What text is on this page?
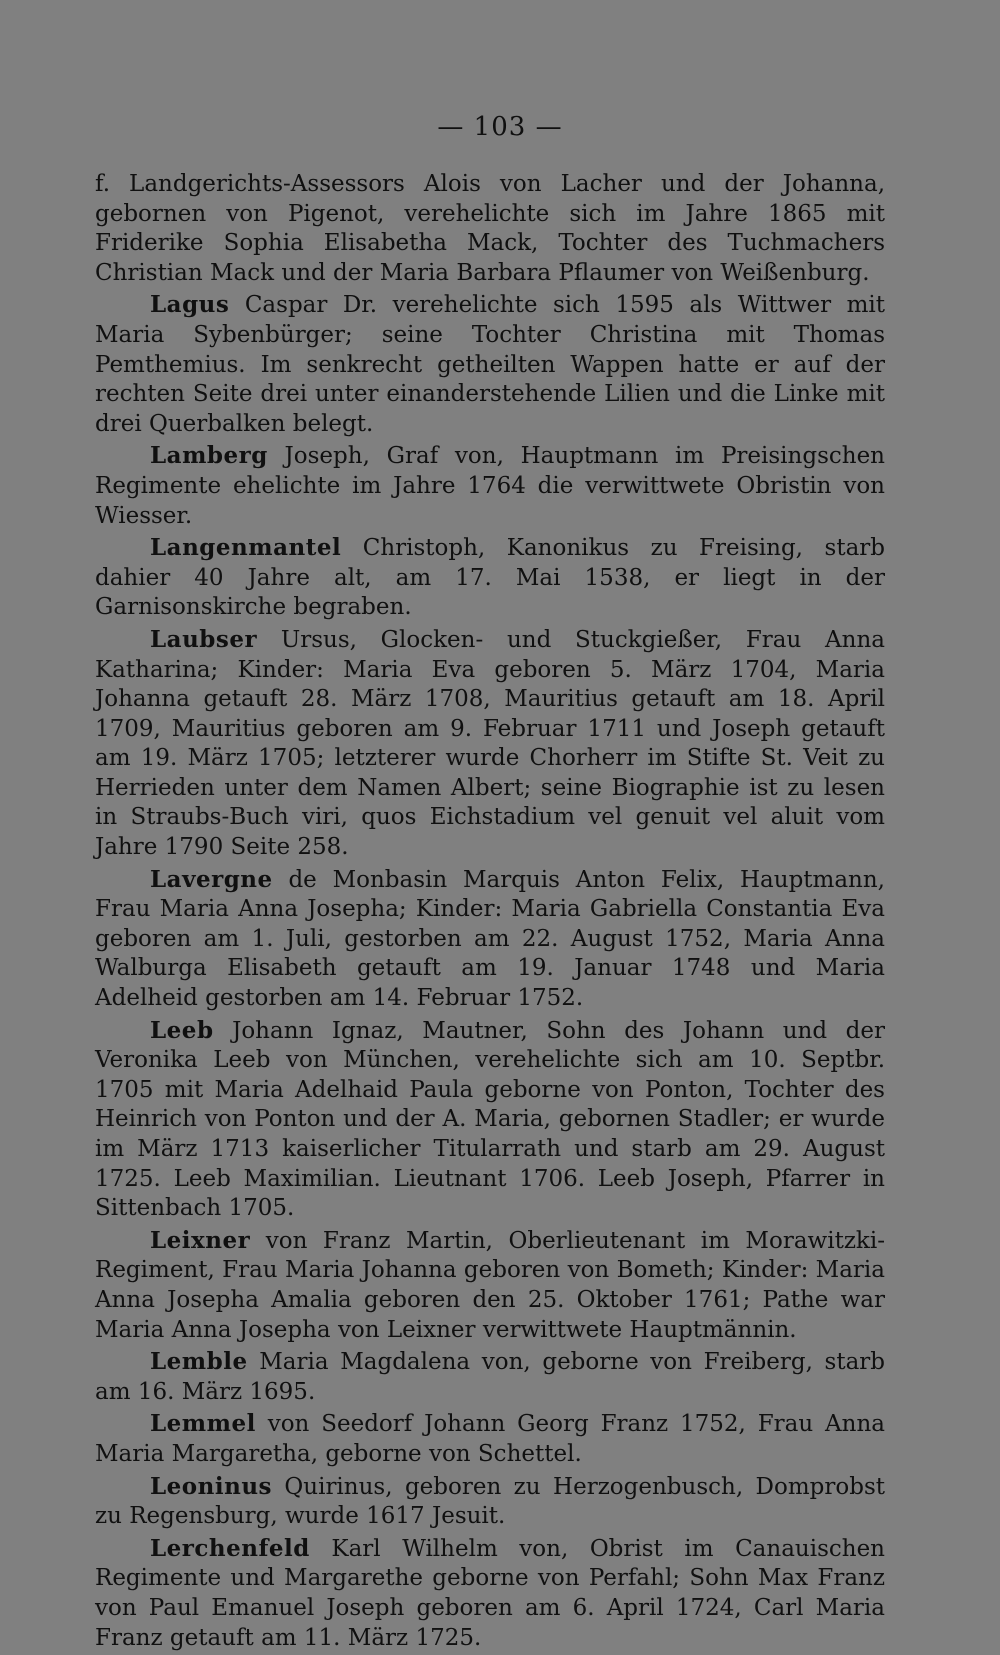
— 103 —

f. Landgerichts-Assessors Alois von Lacher und der Johanna, gebornen von Pigenot, verehelichte sich im Jahre 1865 mit Friderike Sophia Elisabetha Mack, Tochter des Tuchmachers Christian Mack und der Maria Barbara Pflaumer von Weißenburg.

Lagus Caspar Dr. verehelichte sich 1595 als Wittwer mit Maria Sybenbürger; seine Tochter Christina mit Thomas Pemthemius. Im senkrecht getheilten Wappen hatte er auf der rechten Seite drei unter einanderstehende Lilien und die Linke mit drei Querbalken belegt.

Lamberg Joseph, Graf von, Hauptmann im Preisingschen Regimente ehelichte im Jahre 1764 die verwittwete Obristin von Wiesser.

Langenmantel Christoph, Kanonikus zu Freising, starb dahier 40 Jahre alt, am 17. Mai 1538, er liegt in der Garnisonskirche begraben.

Laubser Ursus, Glocken- und Stuckgießer, Frau Anna Katharina; Kinder: Maria Eva geboren 5. März 1704, Maria Johanna getauft 28. März 1708, Mauritius getauft am 18. April 1709, Mauritius geboren am 9. Februar 1711 und Joseph getauft am 19. März 1705; letzterer wurde Chorherr im Stifte St. Veit zu Herrieden unter dem Namen Albert; seine Biographie ist zu lesen in Straubs-Buch viri, quos Eichstadium vel genuit vel aluit vom Jahre 1790 Seite 258.

Lavergne de Monbasin Marquis Anton Felix, Hauptmann, Frau Maria Anna Josepha; Kinder: Maria Gabriella Constantia Eva geboren am 1. Juli, gestorben am 22. August 1752, Maria Anna Walburga Elisabeth getauft am 19. Januar 1748 und Maria Adelheid gestorben am 14. Februar 1752.

Leeb Johann Ignaz, Mautner, Sohn des Johann und der Veronika Leeb von München, verehelichte sich am 10. Septbr. 1705 mit Maria Adelhaid Paula geborne von Ponton, Tochter des Heinrich von Ponton und der A. Maria, gebornen Stadler; er wurde im März 1713 kaiserlicher Titularrath und starb am 29. August 1725. Leeb Maximilian. Lieutnant 1706. Leeb Joseph, Pfarrer in Sittenbach 1705.

Leixner von Franz Martin, Oberlieutenant im Morawitzki-Regiment, Frau Maria Johanna geboren von Bometh; Kinder: Maria Anna Josepha Amalia geboren den 25. Oktober 1761; Pathe war Maria Anna Josepha von Leixner verwittwete Hauptmännin.

Lemble Maria Magdalena von, geborne von Freiberg, starb am 16. März 1695.

Lemmel von Seedorf Johann Georg Franz 1752, Frau Anna Maria Margaretha, geborne von Schettel.

Leoninus Quirinus, geboren zu Herzogenbusch, Domprobst zu Regensburg, wurde 1617 Jesuit.

Lerchenfeld Karl Wilhelm von, Obrist im Canauischen Regimente und Margarethe geborne von Perfahl; Sohn Max Franz von Paul Emanuel Joseph geboren am 6. April 1724, Carl Maria Franz getauft am 11. März 1725.
